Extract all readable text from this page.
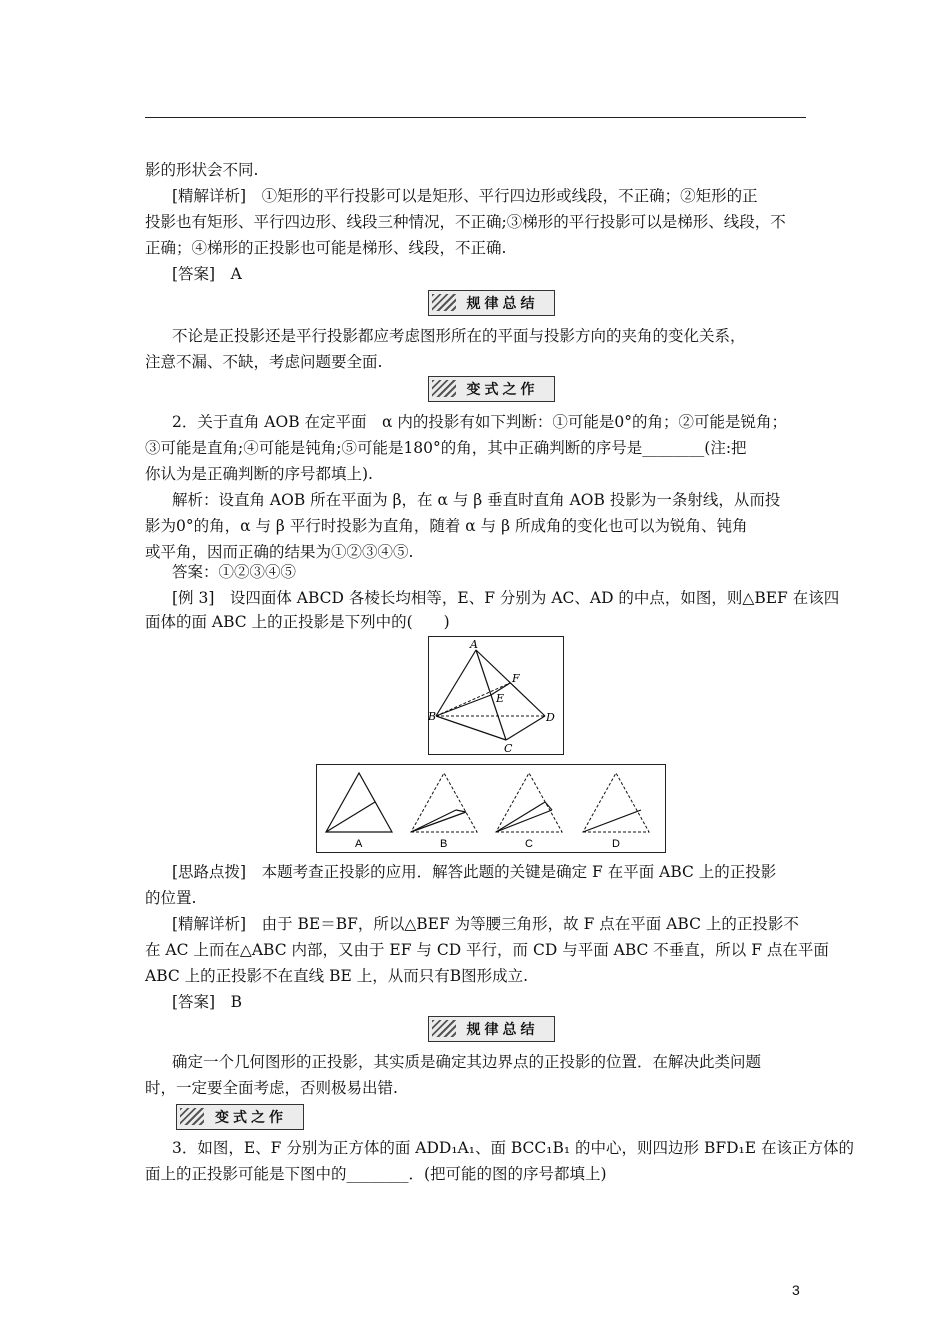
影的形状会不同.
[精解详析]　①矩形的平行投影可以是矩形、平行四边形或线段，不正确；②矩形的正
投影也有矩形、平行四边形、线段三种情况，不正确;③梯形的平行投影可以是梯形、线段，不
正确；④梯形的正投影也可能是梯形、线段，不正确.
[答案]　A
规律总结
不论是正投影还是平行投影都应考虑图形所在的平面与投影方向的夹角的变化关系，
注意不漏、不缺，考虑问题要全面.
变式之作
2．关于直角 AOB 在定平面　α 内的投影有如下判断：①可能是0°的角；②可能是锐角；
③可能是直角;④可能是钝角;⑤可能是180°的角，其中正确判断的序号是________(注:把
你认为是正确判断的序号都填上).
解析：设直角 AOB 所在平面为 β，在 α 与 β 垂直时直角 AOB 投影为一条射线，从而投
影为0°的角，α 与 β 平行时投影为直角，随着 α 与 β 所成角的变化也可以为锐角、钝角
或平角，因而正确的结果为①②③④⑤.
答案：①②③④⑤
[例 3]　设四面体 ABCD 各棱长均相等，E、F 分别为 AC、AD 的中点，如图，则△BEF 在该四
面体的面 ABC 上的正投影是下列中的(　　)
A
B
C
D
E
F
A	B	C	D
[思路点拨]　本题考查正投影的应用．解答此题的关键是确定 F 在平面 ABC 上的正投影
的位置.
[精解详析]　由于 BE＝BF，所以△BEF 为等腰三角形，故 F 点在平面 ABC 上的正投影不
在 AC 上而在△ABC 内部，又由于 EF 与 CD 平行，而 CD 与平面 ABC 不垂直，所以 F 点在平面
ABC 上的正投影不在直线 BE 上，从而只有B图形成立.
[答案]　B
规律总结
确定一个几何图形的正投影，其实质是确定其边界点的正投影的位置．在解决此类问题
时，一定要全面考虑，否则极易出错.
变式之作
3．如图，E、F 分别为正方体的面 ADD₁A₁、面 BCC₁B₁ 的中心，则四边形 BFD₁E 在该正方体的
面上的正投影可能是下图中的________．(把可能的图的序号都填上)
3
